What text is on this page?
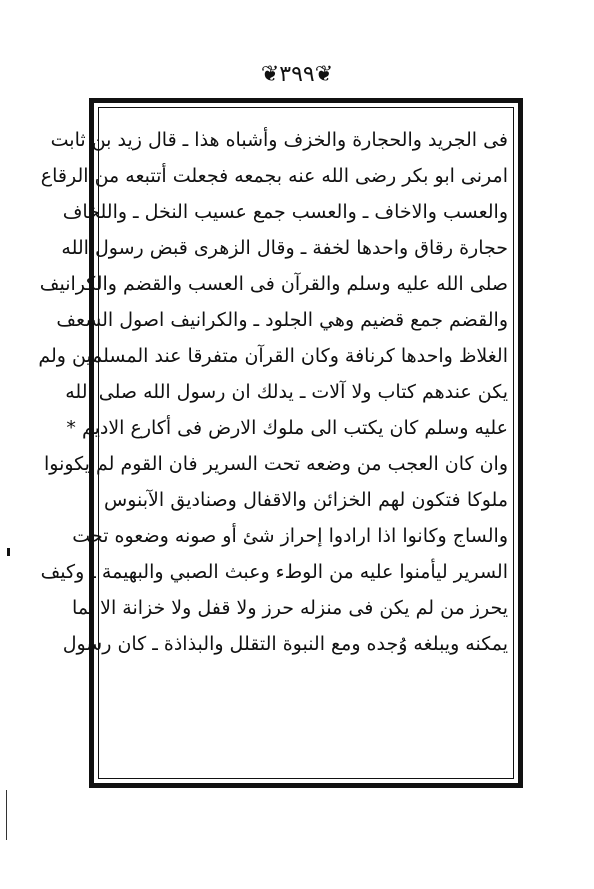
❦٣٩٩❦
فى الجريد والحجارة والخزف وأشباه هذا ـ قال زيد بن ثابت
امرنى ابو بكر رضى الله عنه بجمعه فجعلت أتتبعه من الرقاع
والعسب والاخاف ـ والعسب جمع عسيب النخل ـ واللخاف
حجارة رقاق واحدها لخفة ـ وقال الزهرى قبض رسول الله
صلى الله عليه وسلم والقرآن فى العسب والقضم والكرانيف
والقضم جمع قضيم وهي الجلود ـ والكرانيف اصول السعف
الغلاظ واحدها كرنافة وكان القرآن متفرقا عند المسلمين ولم
يكن عندهم كتاب ولا آلات ـ يدلك ان رسول الله صلى الله
عليه وسلم كان يكتب الى ملوك الارض فى أكارع الاديم *
وان كان العجب من وضعه تحت السرير فان القوم لم يكونوا
ملوكا فتكون لهم الخزائن والاقفال وصناديق الآبنوس
والساج وكانوا اذا ارادوا إحراز شئ أو صونه وضعوه تحت
السرير ليأمنوا عليه من الوطء وعبث الصبي والبهيمة ـ وكيف
يحرز من لم يكن فى منزله حرز ولا قفل ولا خزانة الا بما
يمكنه ويبلغه وُجده ومع النبوة التقلل والبذاذة ـ كان رسول
